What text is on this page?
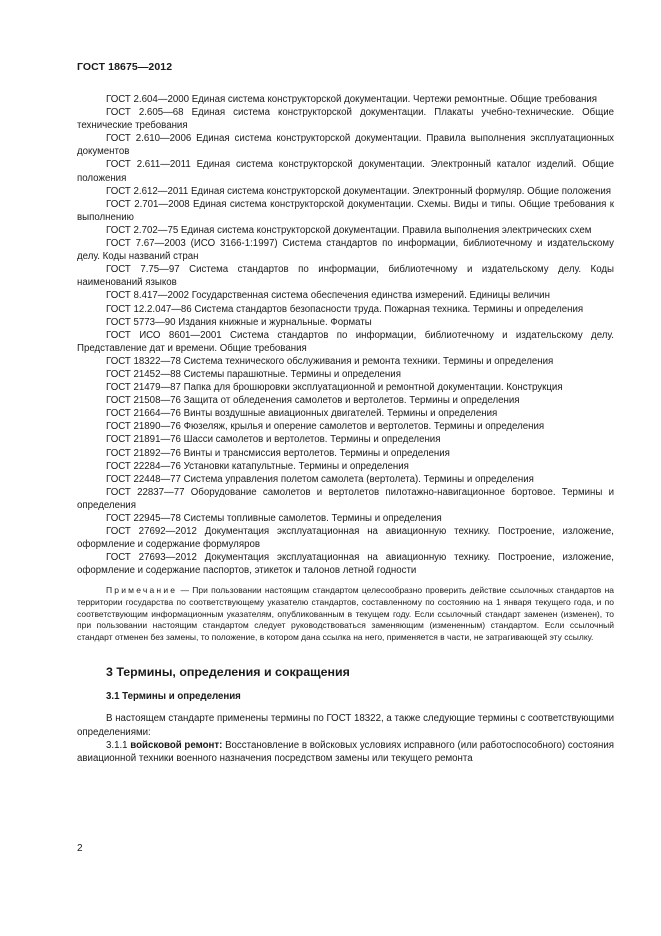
ГОСТ 18675—2012

ГОСТ 2.604—2000 Единая система конструкторской документации. Чертежи ремонтные. Общие требования

ГОСТ 2.605—68 Единая система конструкторской документации. Плакаты учебно-технические. Общие технические требования

ГОСТ 2.610—2006 Единая система конструкторской документации. Правила выполнения эксплуатационных документов

ГОСТ 2.611—2011 Единая система конструкторской документации. Электронный каталог изделий. Общие положения

ГОСТ 2.612—2011 Единая система конструкторской документации. Электронный формуляр. Общие положения

ГОСТ 2.701—2008 Единая система конструкторской документации. Схемы. Виды и типы. Общие требования к выполнению

ГОСТ 2.702—75 Единая система конструкторской документации. Правила выполнения электрических схем

ГОСТ 7.67—2003 (ИСО 3166-1:1997) Система стандартов по информации, библиотечному и издательскому делу. Коды названий стран

ГОСТ 7.75—97 Система стандартов по информации, библиотечному и издательскому делу. Коды наименований языков

ГОСТ 8.417—2002 Государственная система обеспечения единства измерений. Единицы величин

ГОСТ 12.2.047—86 Система стандартов безопасности труда. Пожарная техника. Термины и определения

ГОСТ 5773—90 Издания книжные и журнальные. Форматы

ГОСТ ИСО 8601—2001 Система стандартов по информации, библиотечному и издательскому делу. Представление дат и времени. Общие требования

ГОСТ 18322—78 Система технического обслуживания и ремонта техники. Термины и определения

ГОСТ 21452—88 Системы парашютные. Термины и определения

ГОСТ 21479—87 Папка для брошюровки эксплуатационной и ремонтной документации. Конструкция

ГОСТ 21508—76 Защита от обледенения самолетов и вертолетов. Термины и определения

ГОСТ 21664—76 Винты воздушные авиационных двигателей. Термины и определения

ГОСТ 21890—76 Фюзеляж, крылья и оперение самолетов и вертолетов. Термины и определения

ГОСТ 21891—76 Шасси самолетов и вертолетов. Термины и определения

ГОСТ 21892—76 Винты и трансмиссия вертолетов. Термины и определения

ГОСТ 22284—76 Установки катапультные. Термины и определения

ГОСТ 22448—77 Система управления полетом самолета (вертолета). Термины и определения

ГОСТ 22837—77 Оборудование самолетов и вертолетов пилотажно-навигационное бортовое. Термины и определения

ГОСТ 22945—78 Системы топливные самолетов. Термины и определения

ГОСТ 27692—2012 Документация эксплуатационная на авиационную технику. Построение, изложение, оформление и содержание формуляров

ГОСТ 27693—2012 Документация эксплуатационная на авиационную технику. Построение, изложение, оформление и содержание паспортов, этикеток и талонов летной годности

Примечание — При пользовании настоящим стандартом целесообразно проверить действие ссылочных стандартов на территории государства по соответствующему указателю стандартов, составленному по состоянию на 1 января текущего года, и по соответствующим информационным указателям, опубликованным в текущем году. Если ссылочный стандарт заменен (изменен), то при пользовании настоящим стандартом следует руководствоваться заменяющим (измененным) стандартом. Если ссылочный стандарт отменен без замены, то положение, в котором дана ссылка на него, применяется в части, не затрагивающей эту ссылку.

3 Термины, определения и сокращения

3.1 Термины и определения

В настоящем стандарте применены термины по ГОСТ 18322, а также следующие термины с соответствующими определениями:

3.1.1 войсковой ремонт: Восстановление в войсковых условиях исправного (или работоспособного) состояния авиационной техники военного назначения посредством замены или текущего ремонта

2
